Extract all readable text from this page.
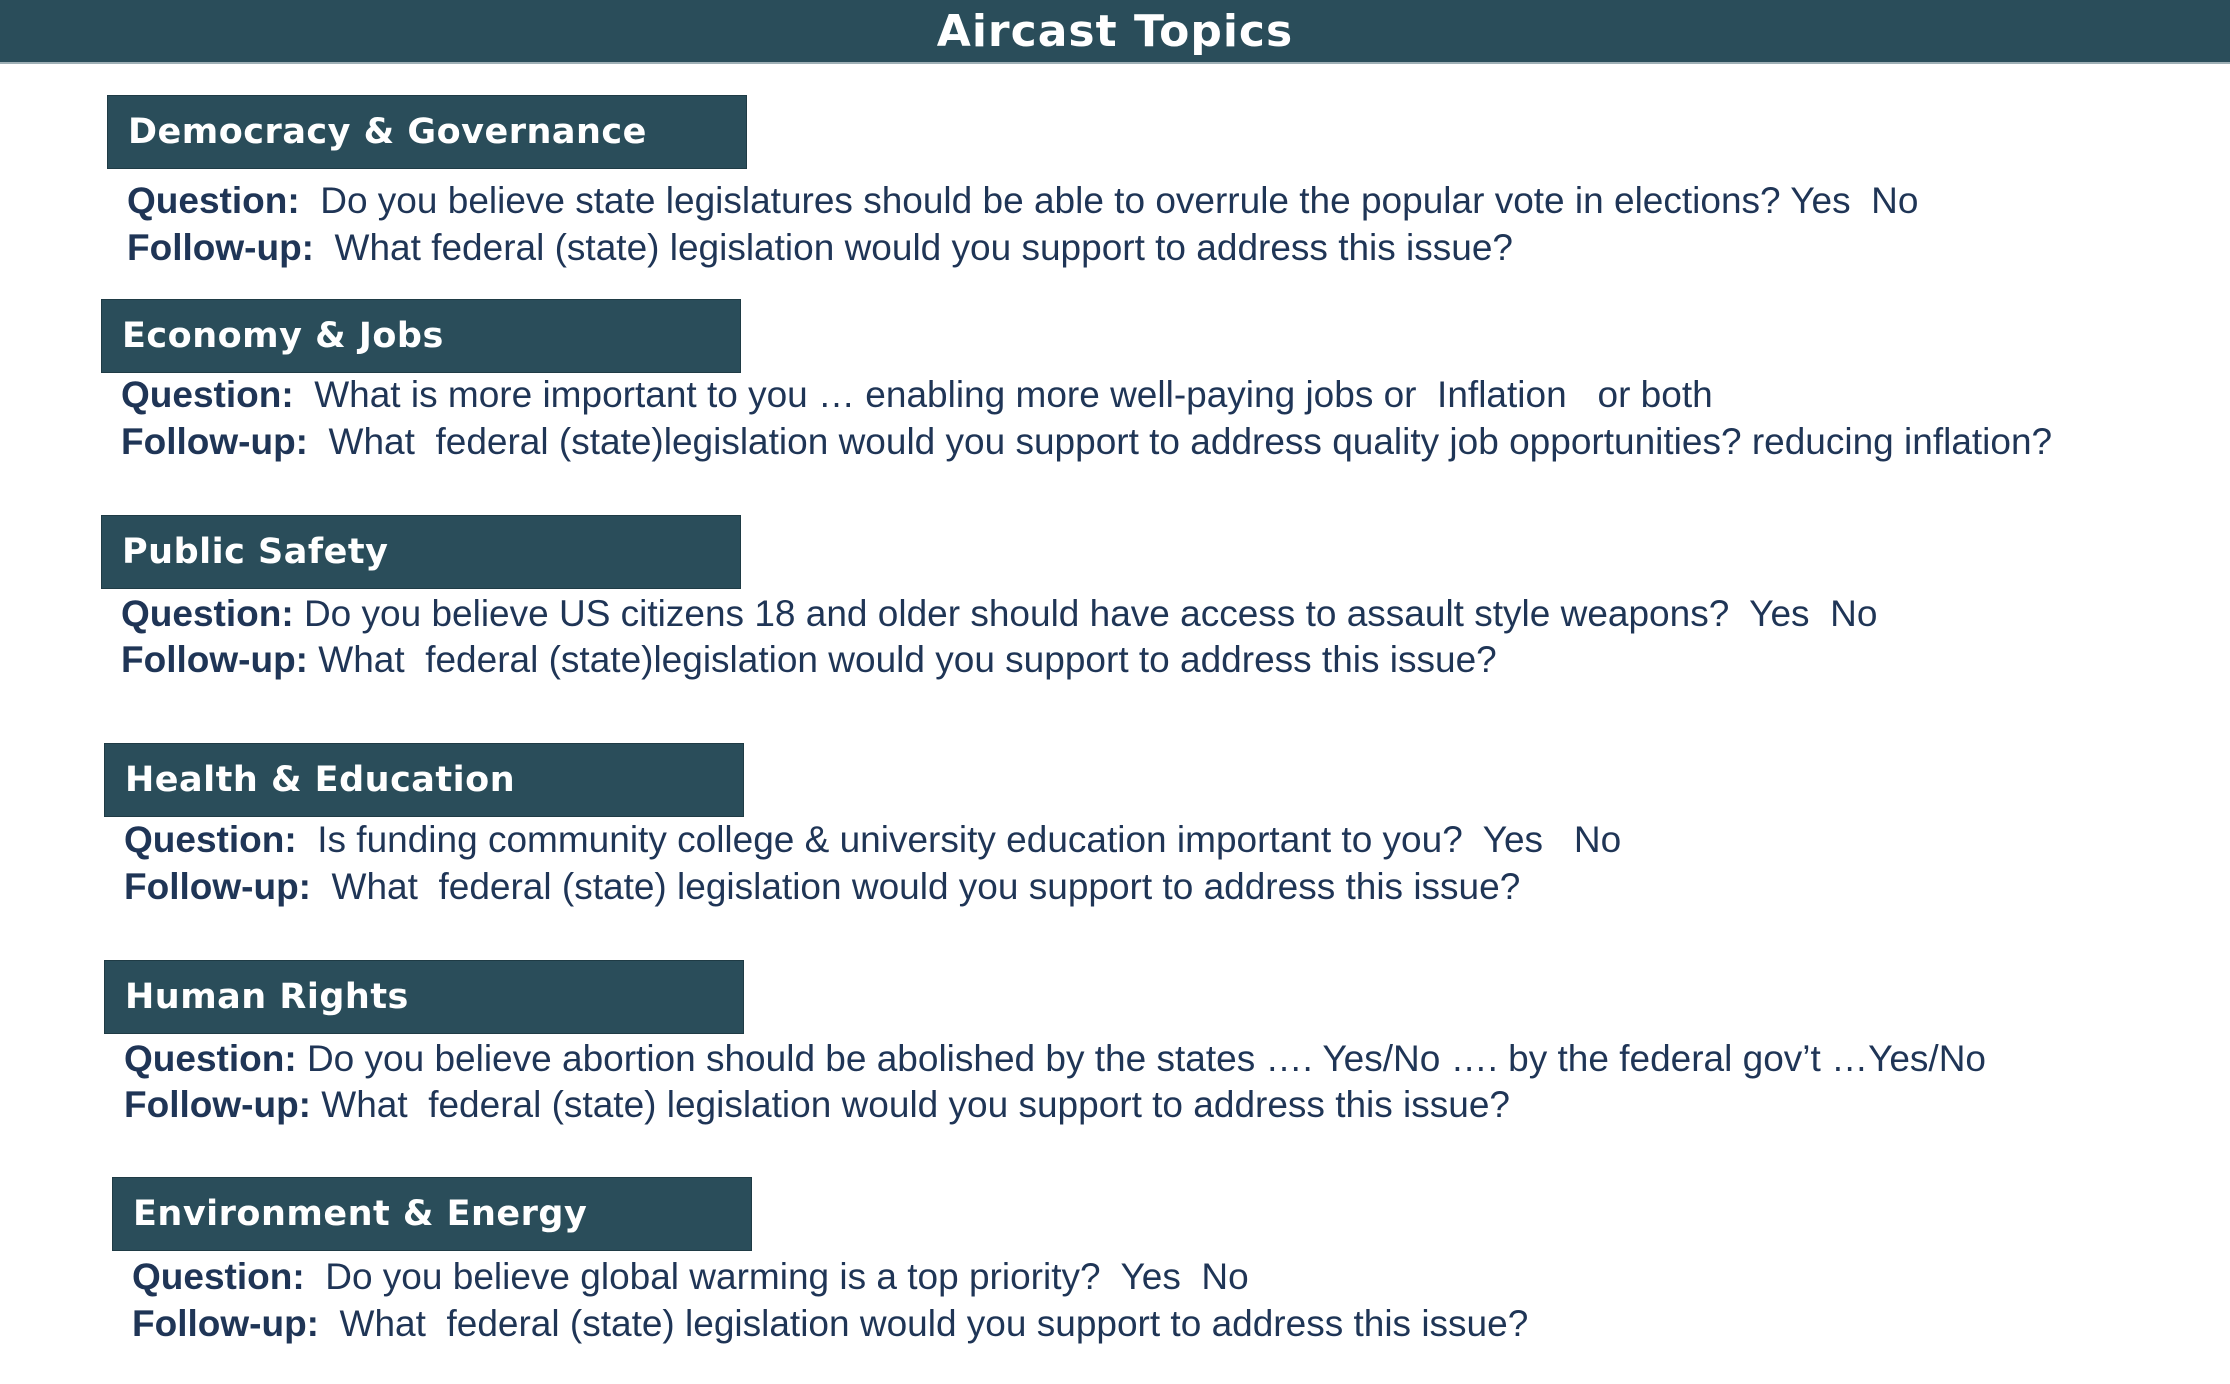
Aircast Topics
Democracy & Governance
Question:  Do you believe state legislatures should be able to overrule the popular vote in elections? Yes  No
Follow-up:  What federal (state) legislation would you support to address this issue?
Economy & Jobs
Question:  What is more important to you … enabling more well-paying jobs or  Inflation   or both
Follow-up:  What  federal (state)legislation would you support to address quality job opportunities? reducing inflation?
Public Safety
Question: Do you believe US citizens 18 and older should have access to assault style weapons?  Yes  No
Follow-up: What  federal (state)legislation would you support to address this issue?
Health & Education
Question:  Is funding community college & university education important to you?  Yes   No
Follow-up:  What  federal (state) legislation would you support to address this issue?
Human Rights
Question: Do you believe abortion should be abolished by the states …. Yes/No …. by the federal gov’t …Yes/No
Follow-up: What  federal (state) legislation would you support to address this issue?
Environment & Energy
Question:  Do you believe global warming is a top priority?  Yes  No
Follow-up:  What  federal (state) legislation would you support to address this issue?
